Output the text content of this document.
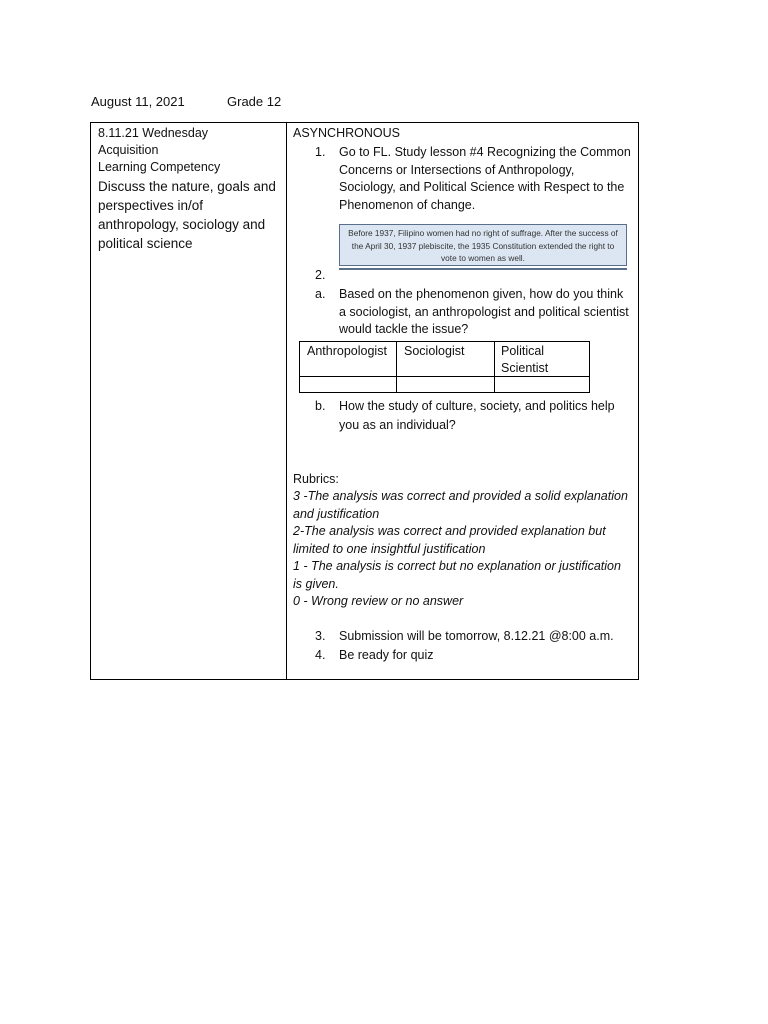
August 11, 2021	Grade 12
8.11.21 Wednesday
Acquisition
Learning Competency
Discuss the nature, goals and perspectives in/of anthropology, sociology and political science
ASYNCHRONOUS
1. Go to FL. Study lesson #4 Recognizing the Common Concerns or Intersections of Anthropology, Sociology, and Political Science with Respect to the Phenomenon of change.
Before 1937, Filipino women had no right of suffrage. After the success of the April 30, 1937 plebiscite, the 1935 Constitution extended the right to vote to women as well.
2.
a. Based on the phenomenon given, how do you think a sociologist, an anthropologist and political scientist would tackle the issue?
Anthropologist	Sociologist	Political Scientist
b. How the study of culture, society, and politics help you as an individual?
Rubrics:
3 -The analysis was correct and provided a solid explanation and justification
2-The analysis was correct and provided explanation but limited to one insightful justification
1 - The analysis is correct but no explanation or justification is given.
0 - Wrong review or no answer
3. Submission will be tomorrow, 8.12.21 @8:00 a.m.
4. Be ready for quiz
